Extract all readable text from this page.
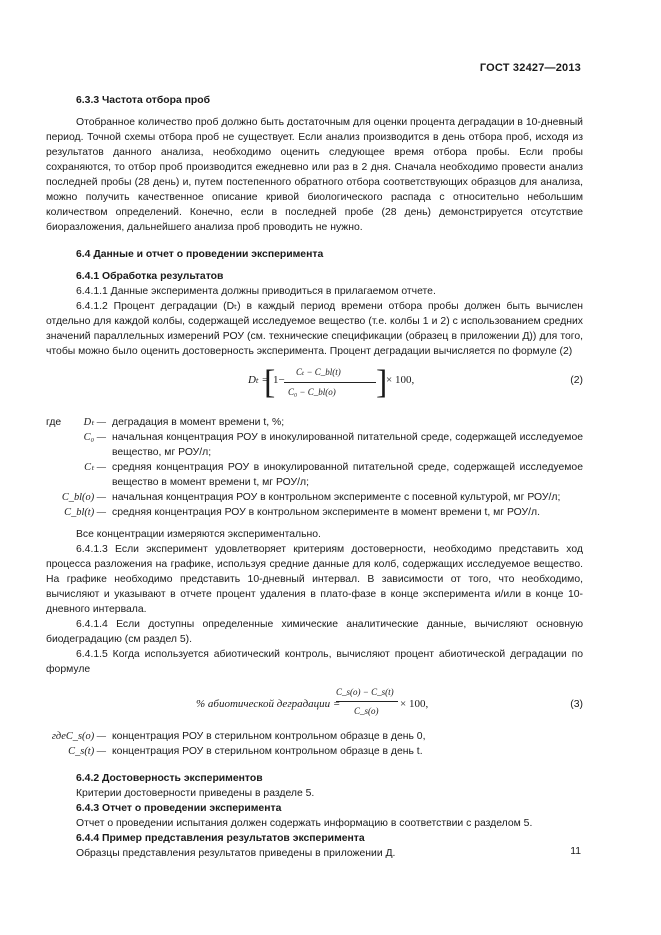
ГОСТ 32427—2013

6.3.3 Частота отбора проб

Отобранное количество проб должно быть достаточным для оценки процента деградации в 10-дневный период. Точной схемы отбора проб не существует. Если анализ производится в день отбора проб, исходя из результатов данного анализа, необходимо оценить следующее время отбора пробы. Если пробы сохраняются, то отбор проб производится ежедневно или раз в 2 дня. Сначала необходимо провести анализ последней пробы (28 день) и, путем постепенного обратного отбора соответствующих образцов для анализа, можно получить качественное описание кривой биологического распада с относительно небольшим количеством определений. Конечно, если в последней пробе (28 день) демонстрируется отсутствие биоразложения, дальнейшего анализа проб проводить не нужно.

6.4 Данные и отчет о проведении эксперимента

6.4.1 Обработка результатов

6.4.1.1 Данные эксперимента должны приводиться в прилагаемом отчете.

6.4.1.2 Процент деградации (Dₜ) в каждый период времени отбора пробы должен быть вычислен отдельно для каждой колбы, содержащей исследуемое вещество (т.е. колбы 1 и 2) с использованием средних значений параллельных измерений РОУ (см. технические спецификации (образец в приложении Д)) для того, чтобы можно было оценить достоверность эксперимента. Процент деградации вычисляется по формуле (2)

Dₜ =
[
1−
Cₜ − C_bl(t)
C₀ − C_bl(o) ]
× 100,	(2)
где	Dₜ — деградация в момент времени t, %;
C₀ — начальная концентрация РОУ в инокулированной питательной среде, содержащей исследуемое вещество, мг РОУ/л;
Cₜ — средняя концентрация РОУ в инокулированной питательной среде, содержащей исследуемое вещество в момент времени t, мг РОУ/л;
C_bl(o) — начальная концентрация РОУ в контрольном эксперименте с посевной культурой, мг РОУ/л;
C_bl(t) — средняя концентрация РОУ в контрольном эксперименте в момент времени t, мг РОУ/л.

Все концентрации измеряются экспериментально.

6.4.1.3 Если эксперимент удовлетворяет критериям достоверности, необходимо представить ход процесса разложения на графике, используя средние данные для колб, содержащих исследуемое вещество. На графике необходимо представить 10-дневный интервал. В зависимости от того, что необходимо, вычисляют и указывают в отчете процент удаления в плато-фазе в конце эксперимента и/или в конце 10-дневного интервала.

6.4.1.4 Если доступны определенные химические аналитические данные, вычисляют основную биодеградацию (см раздел 5).

6.4.1.5 Когда используется абиотический контроль, вычисляют процент абиотической деградации по формуле

% абиотической деградации =
C_s(o) − C_s(t)
C_s(o)
× 100,	(3)
гдеC_s(o) — концентрация РОУ в стерильном контрольном образце в день 0,
C_s(t) — концентрация РОУ в стерильном контрольном образце в день t.

6.4.2 Достоверность экспериментов

Критерии достоверности приведены в разделе 5.

6.4.3 Отчет о проведении эксперимента

Отчет о проведении испытания должен содержать информацию в соответствии с разделом 5.

6.4.4 Пример представления результатов эксперимента

Образцы представления результатов приведены в приложении Д.	11
